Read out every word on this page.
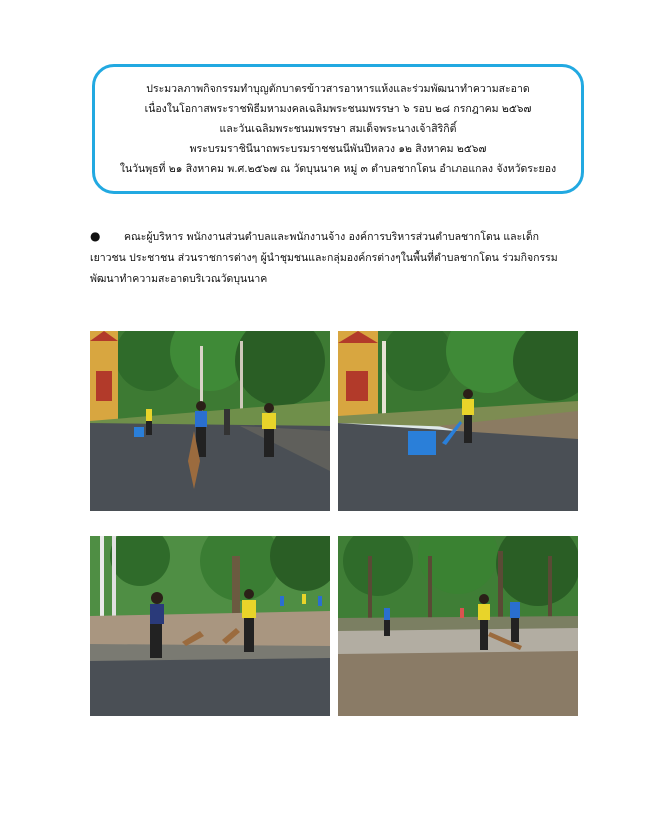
ประมวลภาพกิจกรรมทำบุญตักบาตรข้าวสารอาหารแห้งและร่วมพัฒนาทำความสะอาด
เนื่องในโอกาสพระราชพิธีมหามงคลเฉลิมพระชนมพรรษา ๖ รอบ ๒๘ กรกฎาคม ๒๕๖๗
และวันเฉลิมพระชนมพรรษา สมเด็จพระนางเจ้าสิริกิติ์
พระบรมราชินีนาถพระบรมราชชนนีพันปีหลวง ๑๒ สิงหาคม ๒๕๖๗
ในวันพุธที่ ๒๑ สิงหาคม พ.ศ.๒๕๖๗ ณ วัดบุนนาค หมู่ ๓ ตำบลชากโดน อำเภอแกลง จังหวัดระยอง
● คณะผู้บริหาร พนักงานส่วนตำบลและพนักงานจ้าง องค์การบริหารส่วนตำบลชากโดน และเด็ก
เยาวชน ประชาชน ส่วนราชการต่างๆ ผู้นำชุมชนและกลุ่มองค์กรต่างๆในพื้นที่ตำบลชากโดน ร่วมกิจกรรม
พัฒนาทำความสะอาดบริเวณวัดบุนนาค
